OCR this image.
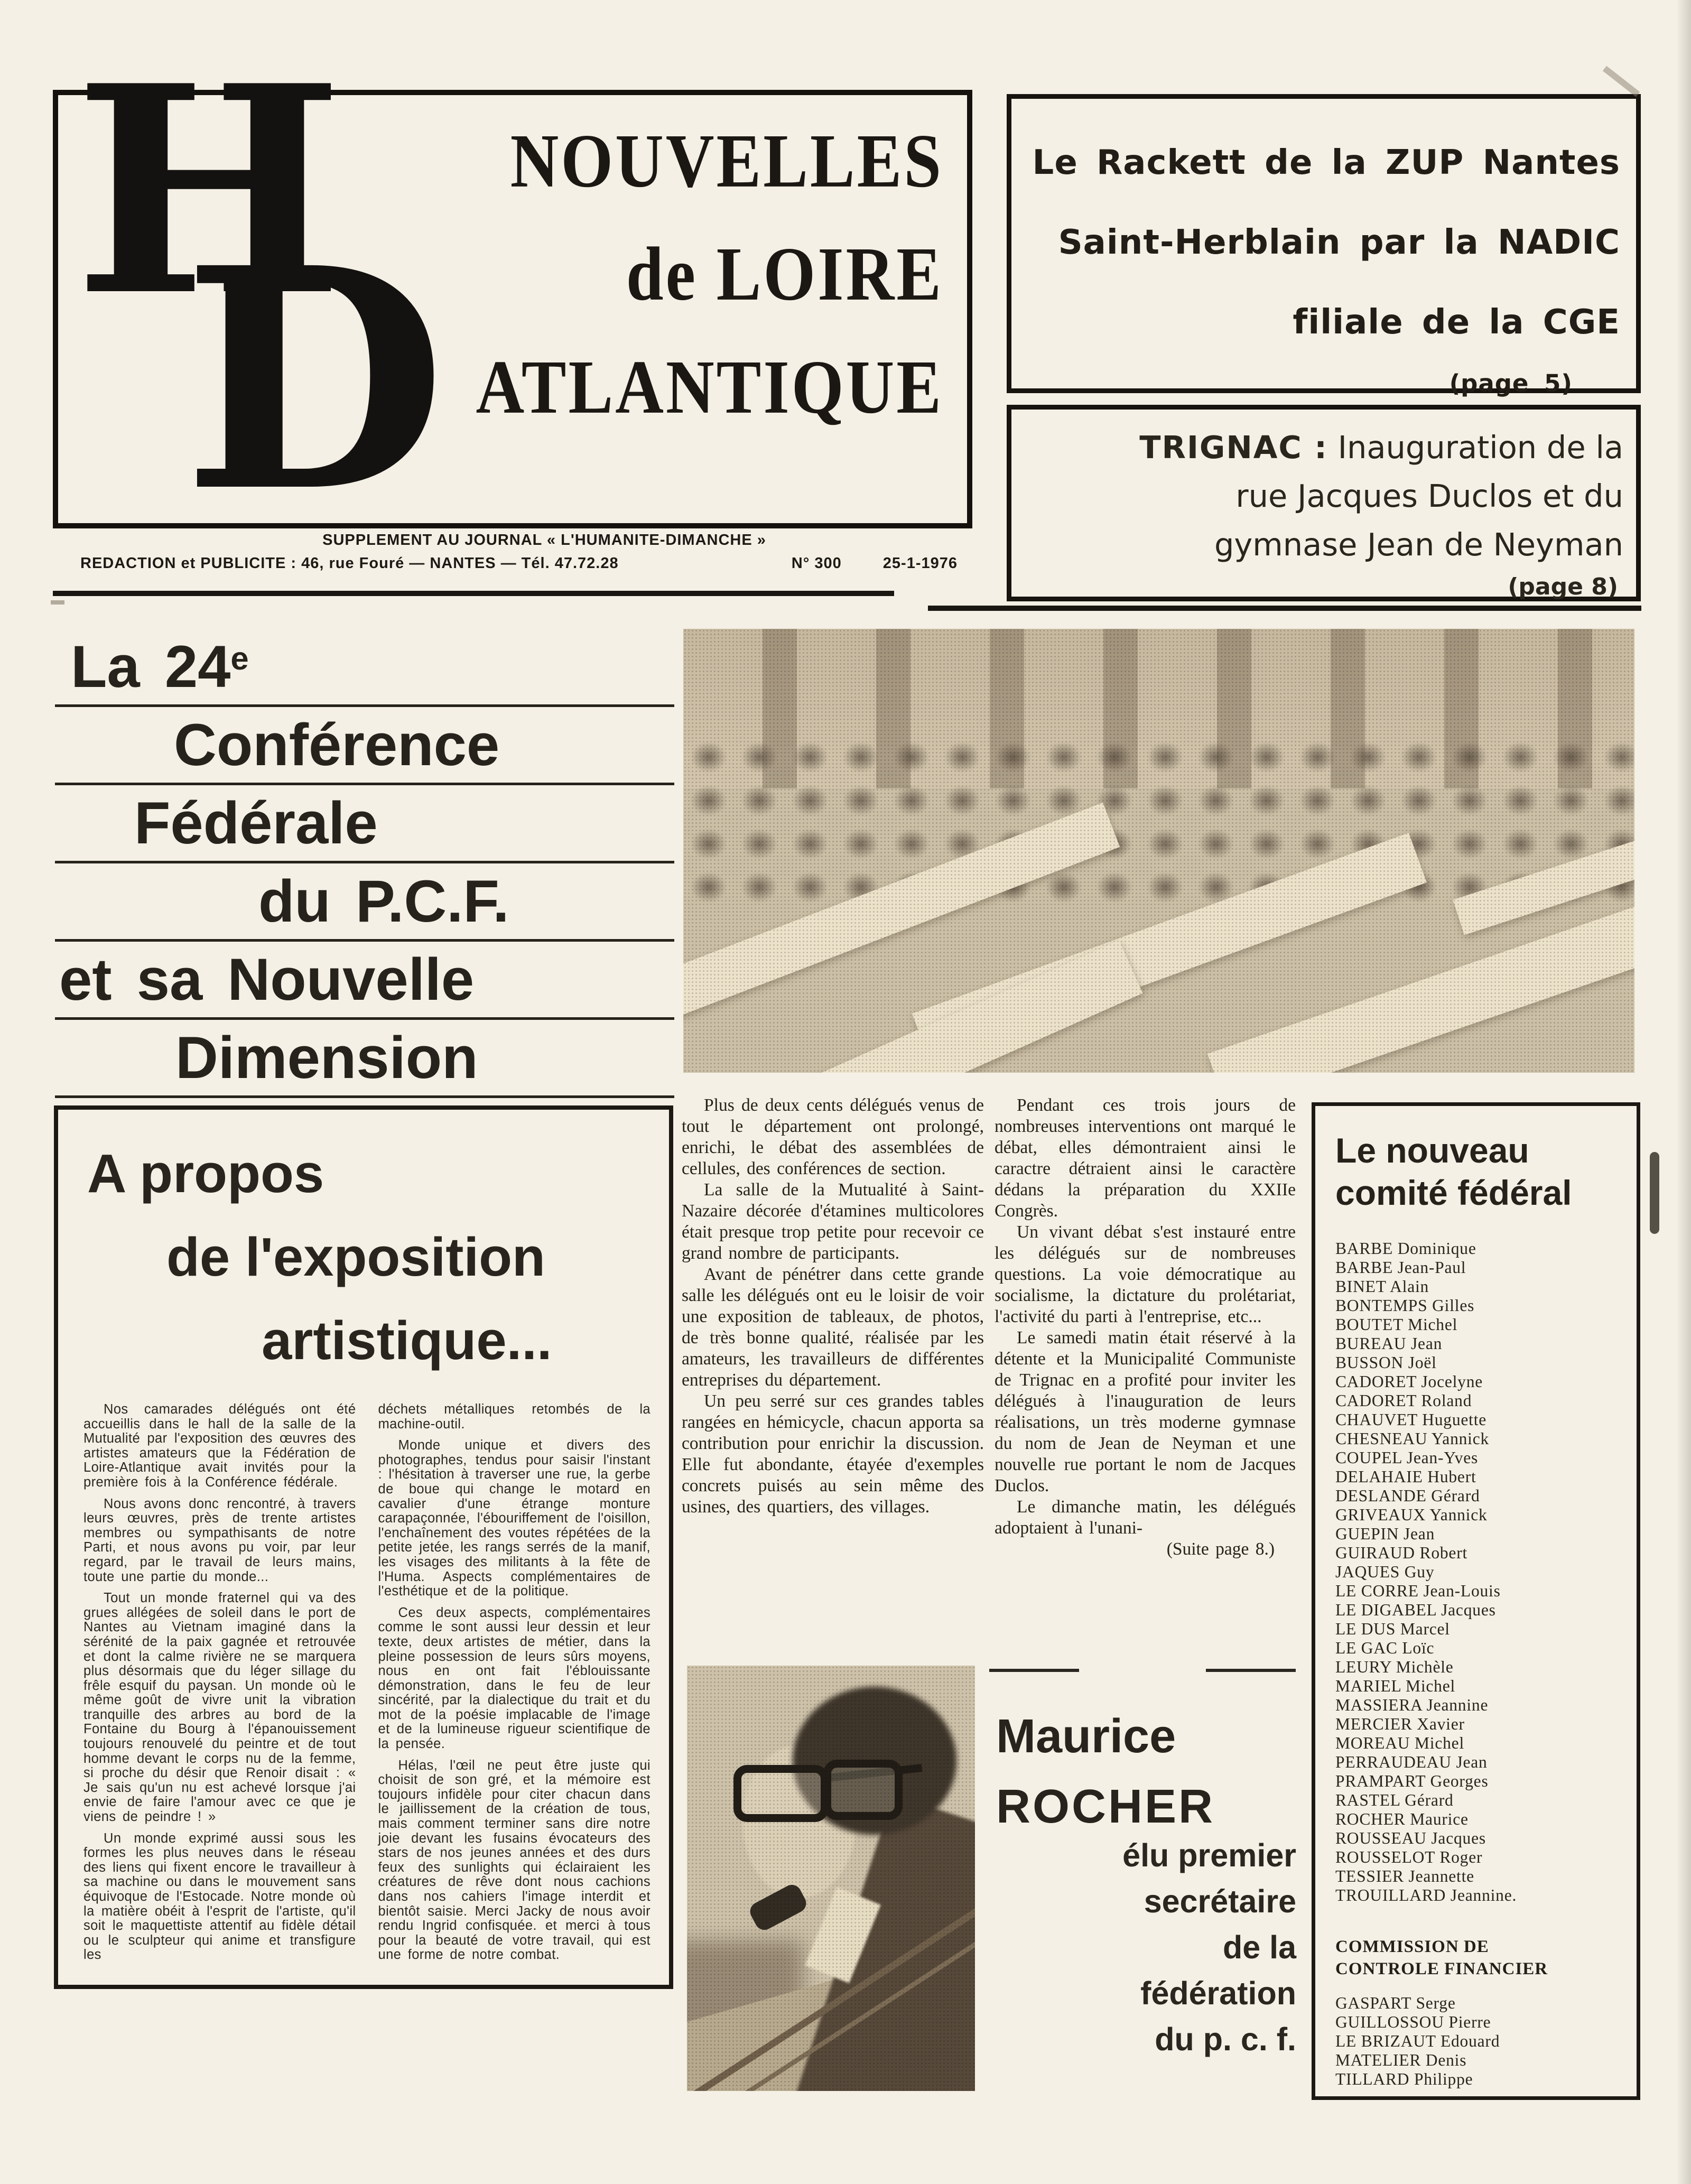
H
D
NOUVELLES
de LOIRE
ATLANTIQUE
SUPPLEMENT AU JOURNAL « L'HUMANITE-DIMANCHE »
REDACTION et PUBLICITE : 46, rue Fouré — NANTES — Tél. 47.72.28	N° 300	25-1-1976
Le Rackett de la ZUP Nantes
Saint-Herblain par la NADIC
filiale de la CGE
(page 5)
TRIGNAC : Inauguration de la
rue Jacques Duclos et du
gymnase Jean de Neyman
(page 8)
La 24e
Conférence
Fédérale
du P.C.F.
et sa Nouvelle
Dimension
A propos
de l'exposition
artistique...

Nos camarades délégués ont été accueillis dans le hall de la salle de la Mutualité par l'exposition des œuvres des artistes amateurs que la Fédération de Loire-Atlantique avait invités pour la première fois à la Conférence fédérale.

Nous avons donc rencontré, à travers leurs œuvres, près de trente artistes membres ou sympathisants de notre Parti, et nous avons pu voir, par leur regard, par le travail de leurs mains, toute une partie du monde...

Tout un monde fraternel qui va des grues allégées de soleil dans le port de Nantes au Vietnam imaginé dans la sérénité de la paix gagnée et retrouvée et dont la calme rivière ne se marquera plus désormais que du léger sillage du frêle esquif du paysan. Un monde où le même goût de vivre unit la vibration tranquille des arbres au bord de la Fontaine du Bourg à l'épanouissement toujours renouvelé du peintre et de tout homme devant le corps nu de la femme, si proche du désir que Renoir disait : « Je sais qu'un nu est achevé lorsque j'ai envie de faire l'amour avec ce que je viens de peindre ! »

Un monde exprimé aussi sous les formes les plus neuves dans le réseau des liens qui fixent encore le travailleur à sa machine ou dans le mouvement sans équivoque de l'Estocade. Notre monde où la matière obéit à l'esprit de l'artiste, qu'il soit le maquettiste attentif au fidèle détail ou le sculpteur qui anime et transfigure les

déchets métalliques retombés de la machine-outil.

Monde unique et divers des photographes, tendus pour saisir l'instant : l'hésitation à traverser une rue, la gerbe de boue qui change le motard en cavalier d'une étrange monture carapaçonnée, l'ébouriffement de l'oisillon, l'enchaînement des voutes répétées de la petite jetée, les rangs serrés de la manif, les visages des militants à la fête de l'Huma. Aspects complémentaires de l'esthétique et de la politique.

Ces deux aspects, complémentaires comme le sont aussi leur dessin et leur texte, deux artistes de métier, dans la pleine possession de leurs sûrs moyens, nous en ont fait l'éblouissante démonstration, dans le feu de leur sincérité, par la dialectique du trait et du mot de la poésie implacable de l'image et de la lumineuse rigueur scientifique de la pensée.

Hélas, l'œil ne peut être juste qui choisit de son gré, et la mémoire est toujours infidèle pour citer chacun dans le jaillissement de la création de tous, mais comment terminer sans dire notre joie devant les fusains évocateurs des stars de nos jeunes années et des durs feux des sunlights qui éclairaient les créatures de rêve dont nous cachions dans nos cahiers l'image interdit et bientôt saisie. Merci Jacky de nous avoir rendu Ingrid confisquée. et merci à tous pour la beauté de votre travail, qui est une forme de notre combat.

Plus de deux cents délégués venus de tout le département ont prolongé, enrichi, le débat des assemblées de cellules, des conférences de section.

La salle de la Mutualité à Saint-Nazaire décorée d'étamines multicolores était presque trop petite pour recevoir ce grand nombre de participants.

Avant de pénétrer dans cette grande salle les délégués ont eu le loisir de voir une exposition de tableaux, de photos, de très bonne qualité, réalisée par les amateurs, les travailleurs de différentes entreprises du département.

Un peu serré sur ces grandes tables rangées en hémicycle, chacun apporta sa contribution pour enrichir la discussion. Elle fut abondante, étayée d'exemples concrets puisés au sein même des usines, des quartiers, des villages.

Pendant ces trois jours de nombreuses interventions ont marqué le débat, elles démontraient ainsi le caractre détraient ainsi le caractère dédans la préparation du XXIIe Congrès.

Un vivant débat s'est instauré entre les délégués sur de nombreuses questions. La voie démocratique au socialisme, la dictature du prolétariat, l'activité du parti à l'entreprise, etc...

Le samedi matin était réservé à la détente et la Municipalité Communiste de Trignac en a profité pour inviter les délégués à l'inauguration de leurs réalisations, un très moderne gymnase du nom de Jean de Neyman et une nouvelle rue portant le nom de Jacques Duclos.

Le dimanche matin, les délégués adoptaient à l'unani-

(Suite page 8.)

Maurice
ROCHER
élu premier
secrétaire
de la
fédération
du p. c. f.
Le nouveau
comité fédéral
BARBE Dominique
BARBE Jean-Paul
BINET Alain
BONTEMPS Gilles
BOUTET Michel
BUREAU Jean
BUSSON Joël
CADORET Jocelyne
CADORET Roland
CHAUVET Huguette
CHESNEAU Yannick
COUPEL Jean-Yves
DELAHAIE Hubert
DESLANDE Gérard
GRIVEAUX Yannick
GUEPIN Jean
GUIRAUD Robert
JAQUES Guy
LE CORRE Jean-Louis
LE DIGABEL Jacques
LE DUS Marcel
LE GAC Loïc
LEURY Michèle
MARIEL Michel
MASSIERA Jeannine
MERCIER Xavier
MOREAU Michel
PERRAUDEAU Jean
PRAMPART Georges
RASTEL Gérard
ROCHER Maurice
ROUSSEAU Jacques
ROUSSELOT Roger
TESSIER Jeannette
TROUILLARD Jeannine.
COMMISSION DE
CONTROLE FINANCIER
GASPART Serge
GUILLOSSOU Pierre
LE BRIZAUT Edouard
MATELIER Denis
TILLARD Philippe
